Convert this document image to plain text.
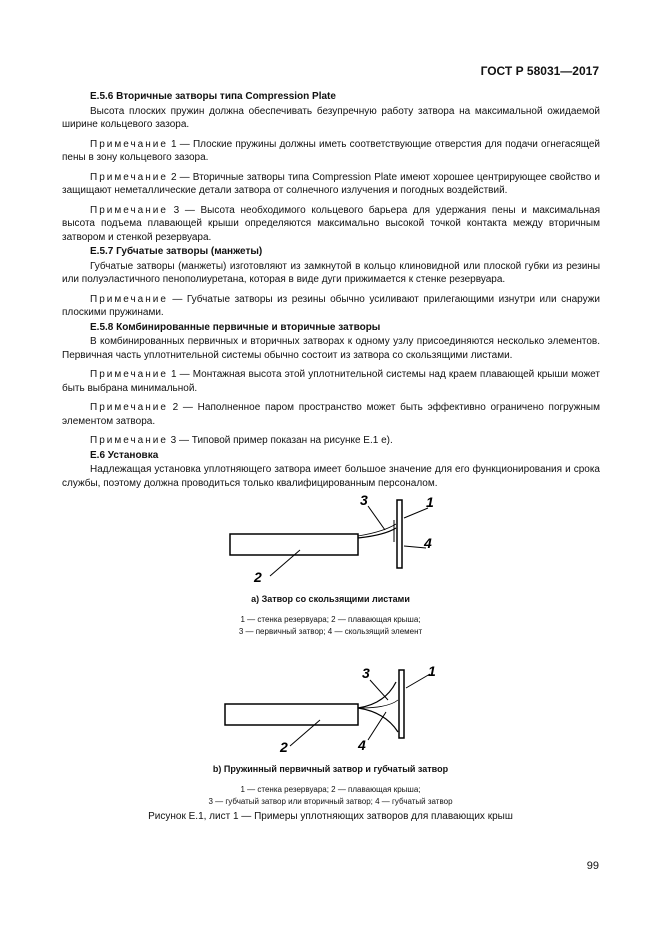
ГОСТ Р 58031—2017
Е.5.6 Вторичные затворы типа Compression Plate

Высота плоских пружин должна обеспечивать безупречную работу затвора на максимальной ожидаемой ширине кольцевого зазора.

Примечание 1 — Плоские пружины должны иметь соответствующие отверстия для подачи огнегасящей пены в зону кольцевого зазора.

Примечание 2 — Вторичные затворы типа Compression Plate имеют хорошее центрирующее свойство и защищают неметаллические детали затвора от солнечного излучения и погодных воздействий.

Примечание 3 — Высота необходимого кольцевого барьера для удержания пены и максимальная высота подъема плавающей крыши определяются максимально высокой точкой контакта между вторичным затвором и стенкой резервуара.

Е.5.7 Губчатые затворы (манжеты)

Губчатые затворы (манжеты) изготовляют из замкнутой в кольцо клиновидной или плоской губки из резины или полуэластичного пенополиуретана, которая в виде дуги прижимается к стенке резервуара.

Примечание — Губчатые затворы из резины обычно усиливают прилегающими изнутри или снаружи плоскими пружинами.

Е.5.8 Комбинированные первичные и вторичные затворы

В комбинированных первичных и вторичных затворах к одному узлу присоединяются несколько элементов. Первичная часть уплотнительной системы обычно состоит из затвора со скользящими листами.

Примечание 1 — Монтажная высота этой уплотнительной системы над краем плавающей крыши может быть выбрана минимальной.

Примечание 2 — Наполненное паром пространство может быть эффективно ограничено погружным элементом затвора.

Примечание 3 — Типовой пример показан на рисунке Е.1 е).

Е.6 Установка

Надлежащая установка уплотняющего затвора имеет большое значение для его функционирования и срока службы, поэтому должна проводиться только квалифицированным персоналом.

3	1
4
2
a) Затвор со скользящими листами
1 — стенка резервуара; 2 — плавающая крыша;
3 — первичный затвор; 4 — скользящий элемент
3	1
4
2
b) Пружинный первичный затвор и губчатый затвор
1 — стенка резервуара; 2 — плавающая крыша;
3 — губчатый затвор или вторичный затвор; 4 — губчатый затвор
Рисунок Е.1, лист 1 — Примеры уплотняющих затворов для плавающих крыш
99
